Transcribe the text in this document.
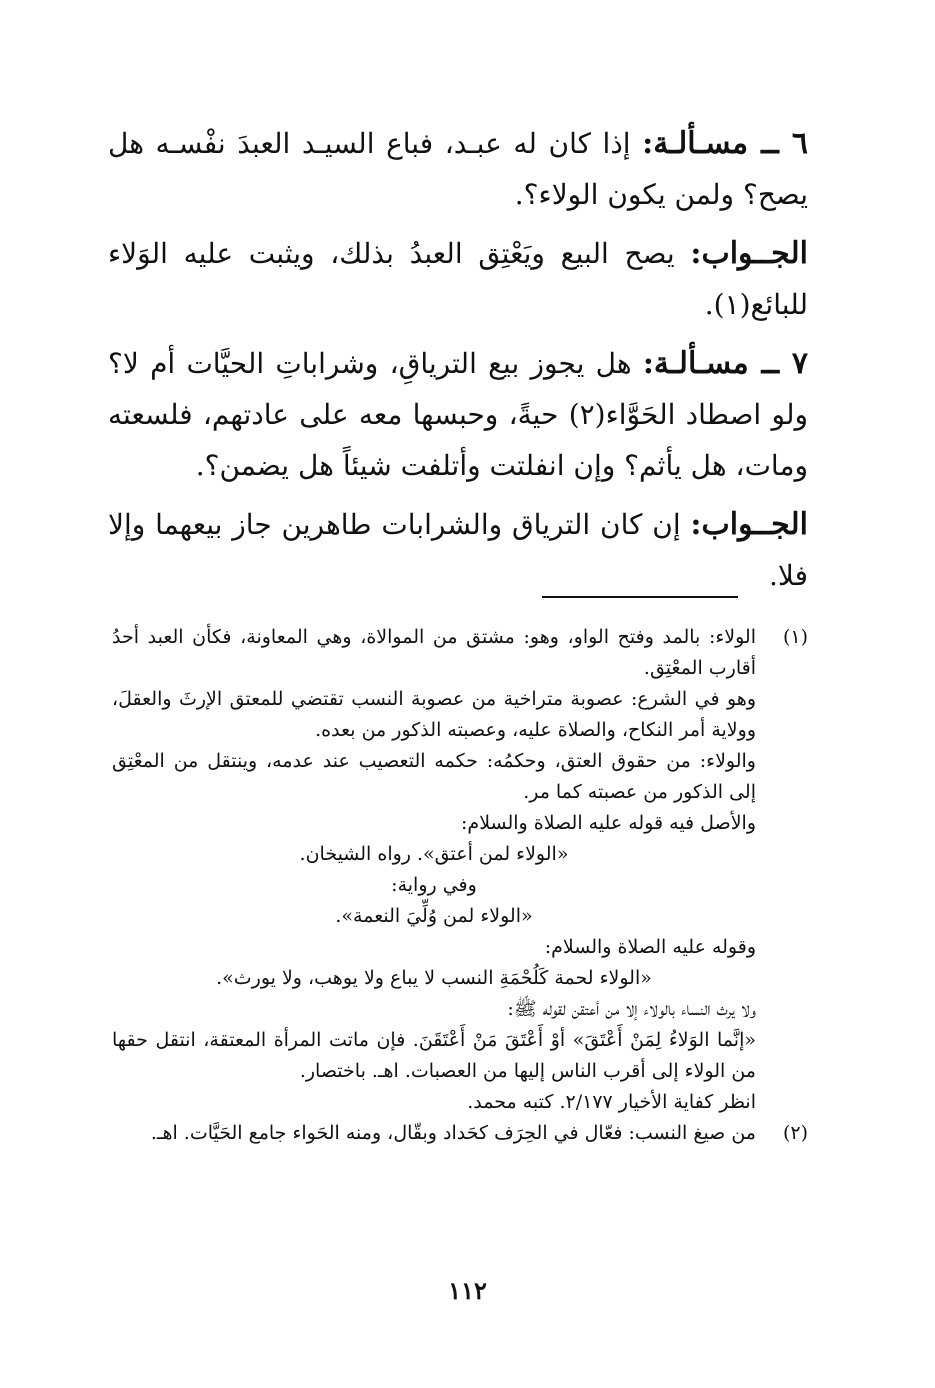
٦ ــ مسـألـة: إذا كان له عبـد، فباع السيـد العبدَ نفْسـه هل يصح؟ ولمن يكون الولاء؟.

الجــواب: يصح البيع ويَعْتِق العبدُ بذلك، ويثبت عليه الوَلاء للبائع(١).

٧ ــ مسـألـة: هل يجوز بيع الترياقِ، وشراباتِ الحيَّات أم لا؟ ولو اصطاد الحَوَّاء(٢) حيةً، وحبسها معه على عادتهم، فلسعته ومات، هل يأثم؟ وإن انفلتت وأتلفت شيئاً هل يضمن؟.

الجــواب: إن كان الترياق والشرابات طاهرين جاز بيعهما وإلا فلا.

(١)
الولاء: بالمد وفتح الواو، وهو: مشتق من الموالاة، وهي المعاونة، فكأن العبد أحدُ أقارب المعْتِق.
وهو في الشرع: عصوبة متراخية من عصوبة النسب تقتضي للمعتق الإرثَ والعقلَ، وولاية أمر النكاح، والصلاة عليه، وعصبته الذكور من بعده.
والولاء: من حقوق العتق، وحكمُه: حكمه التعصيب عند عدمه، وينتقل من المعْتِق إلى الذكور من عصبته كما مر.
والأصل فيه قوله عليه الصلاة والسلام:
«الولاء لمن أعتق». رواه الشيخان.
وفي رواية:
«الولاء لمن وُلِّيَ النعمة».
وقوله عليه الصلاة والسلام:
«الولاء لحمة كَلُحْمَةِ النسب لا يباع ولا يوهب، ولا يورث».
ولا يرث النساء بالولاء إلا من أعتقن لقوله ﷺ:
«إنَّما الوَلاءُ لِمَنْ أَعْتَقَ» أوْ أَعْتَقَ مَنْ أَعْتَقَنَ. فإن ماتت المرأة المعتقة، انتقل حقها من الولاء إلى أقرب الناس إليها من العصبات. اهـ. باختصار.
انظر كفاية الأخيار ٢/١٧٧. كتبه محمد.
(٢)
من صيغ النسب: فعّال في الحِرَف كحَداد وبقّال، ومنه الحَواء جامع الحَيَّات. اهـ.
١١٢
